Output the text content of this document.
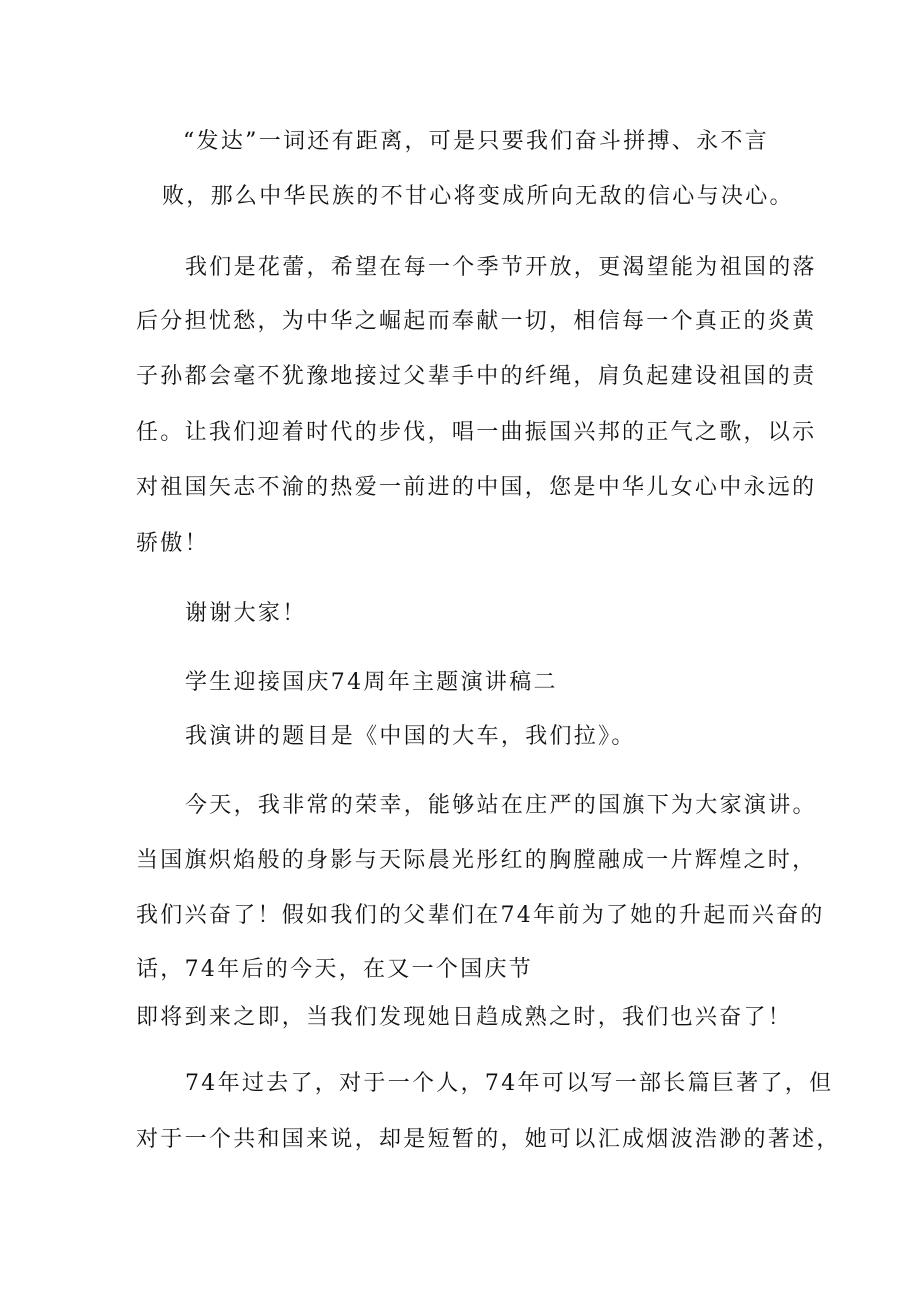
“发达”一词还有距离，可是只要我们奋斗拼搏、永不言
败，那么中华民族的不甘心将变成所向无敌的信心与决心。
我们是花蕾，希望在每一个季节开放，更渴望能为祖国的落
后分担忧愁，为中华之崛起而奉献一切，相信每一个真正的炎黄
子孙都会毫不犹豫地接过父辈手中的纤绳，肩负起建设祖国的责
任。让我们迎着时代的步伐，唱一曲振国兴邦的正气之歌，以示
对祖国矢志不渝的热爱一前进的中国，您是中华儿女心中永远的
骄傲！
谢谢大家！
学生迎接国庆74周年主题演讲稿二
我演讲的题目是《中国的大车，我们拉》。
今天，我非常的荣幸，能够站在庄严的国旗下为大家演讲。
当国旗炽焰般的身影与天际晨光彤红的胸膛融成一片辉煌之时，
我们兴奋了！假如我们的父辈们在74年前为了她的升起而兴奋的
话，74年后的今天，在又一个国庆节
即将到来之即，当我们发现她日趋成熟之时，我们也兴奋了！
74年过去了，对于一个人，74年可以写一部长篇巨著了，但
对于一个共和国来说，却是短暂的，她可以汇成烟波浩渺的著述，
